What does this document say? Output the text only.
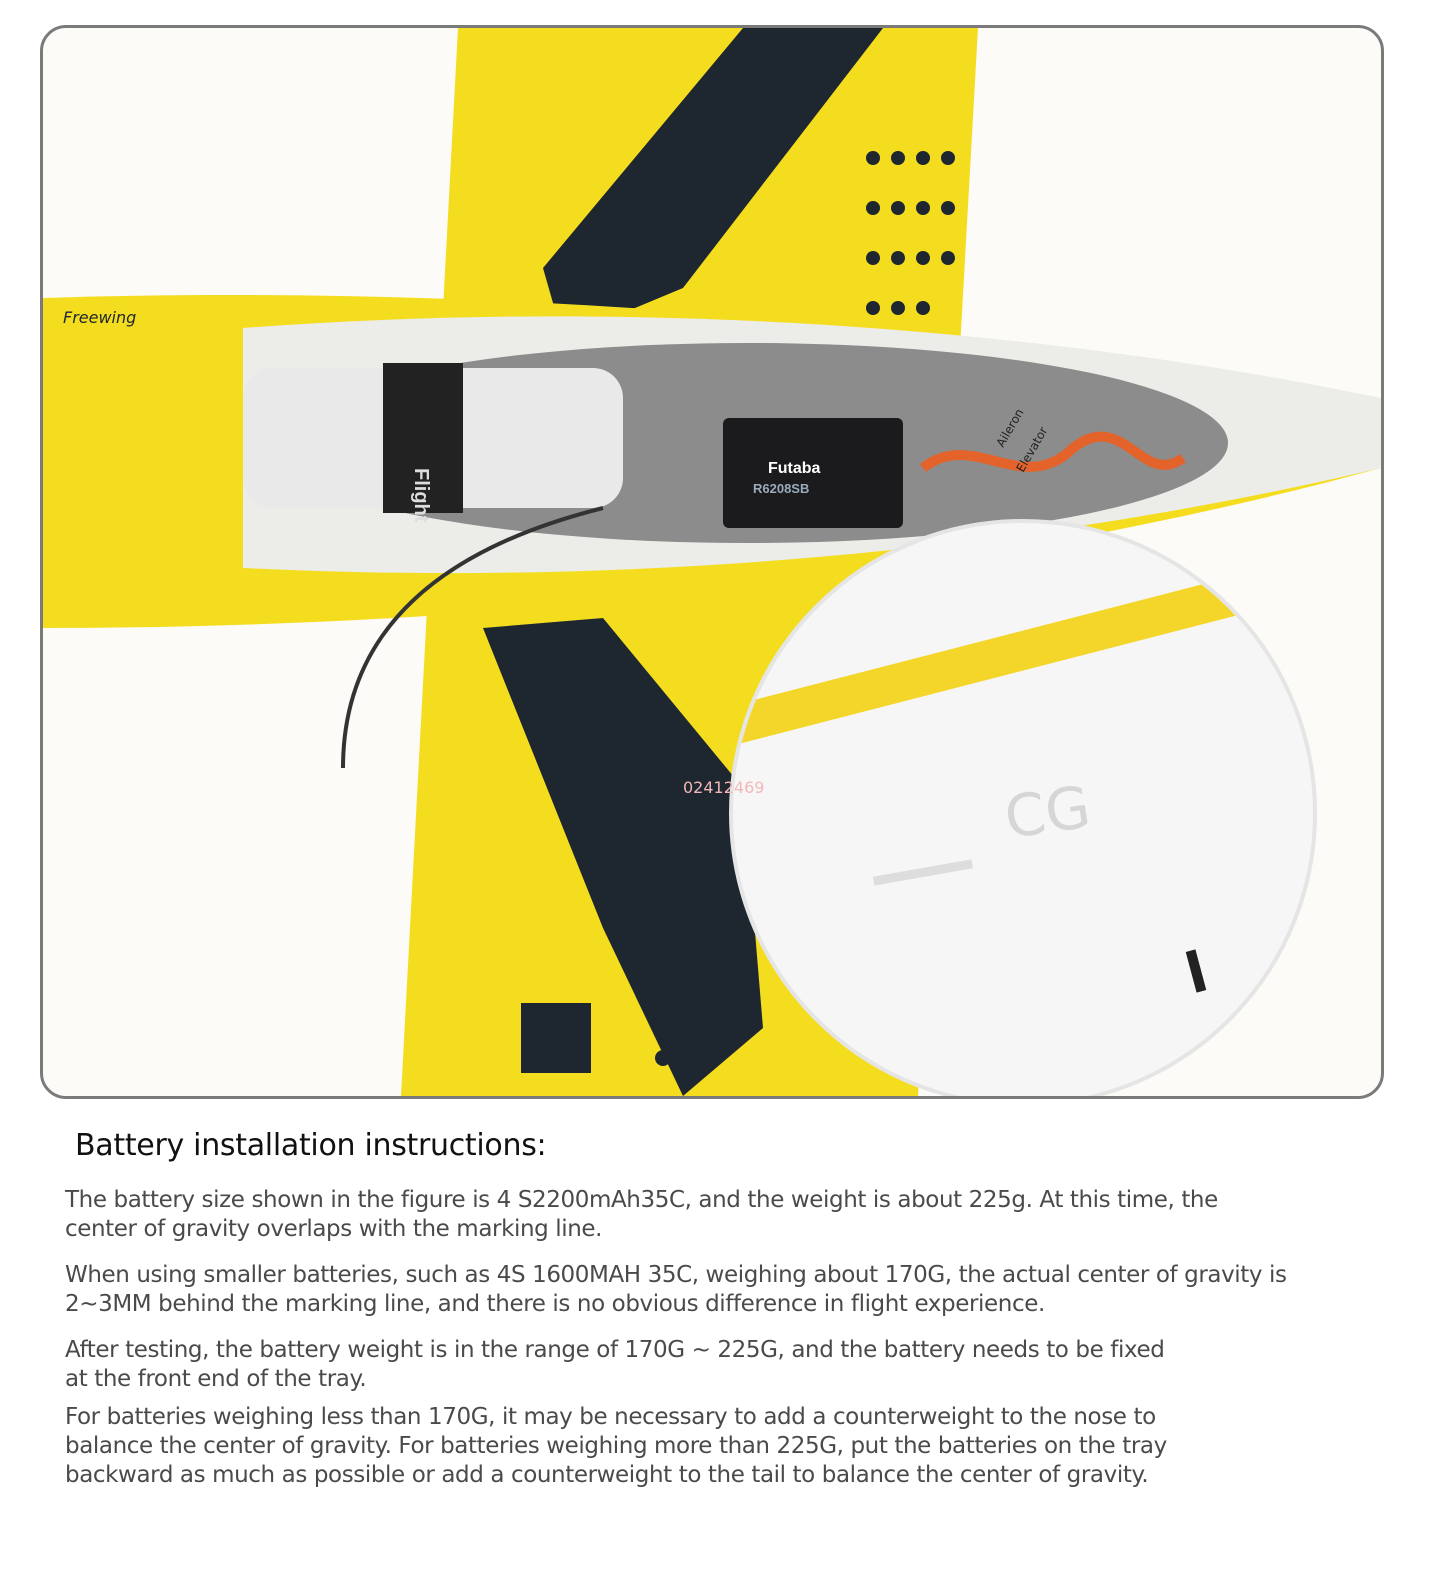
Flight	Futaba
R6208SB
Freewing
Aileron
Elevator
CG
02412469
Battery installation instructions:

The battery size shown in the figure is 4 S2200mAh35C, and the weight is about 225g. At this time, the center of gravity overlaps with the marking line.

When using smaller batteries, such as 4S 1600MAH 35C, weighing about 170G, the actual center of gravity is 2~3MM behind the marking line, and there is no obvious difference in flight experience.

After testing, the battery weight is in the range of 170G ~ 225G, and the battery needs to be fixed at the front end of the tray.

For batteries weighing less than 170G, it may be necessary to add a counterweight to the nose to balance the center of gravity. For batteries weighing more than 225G, put the batteries on the tray backward as much as possible or add a counterweight to the tail to balance the center of gravity.
